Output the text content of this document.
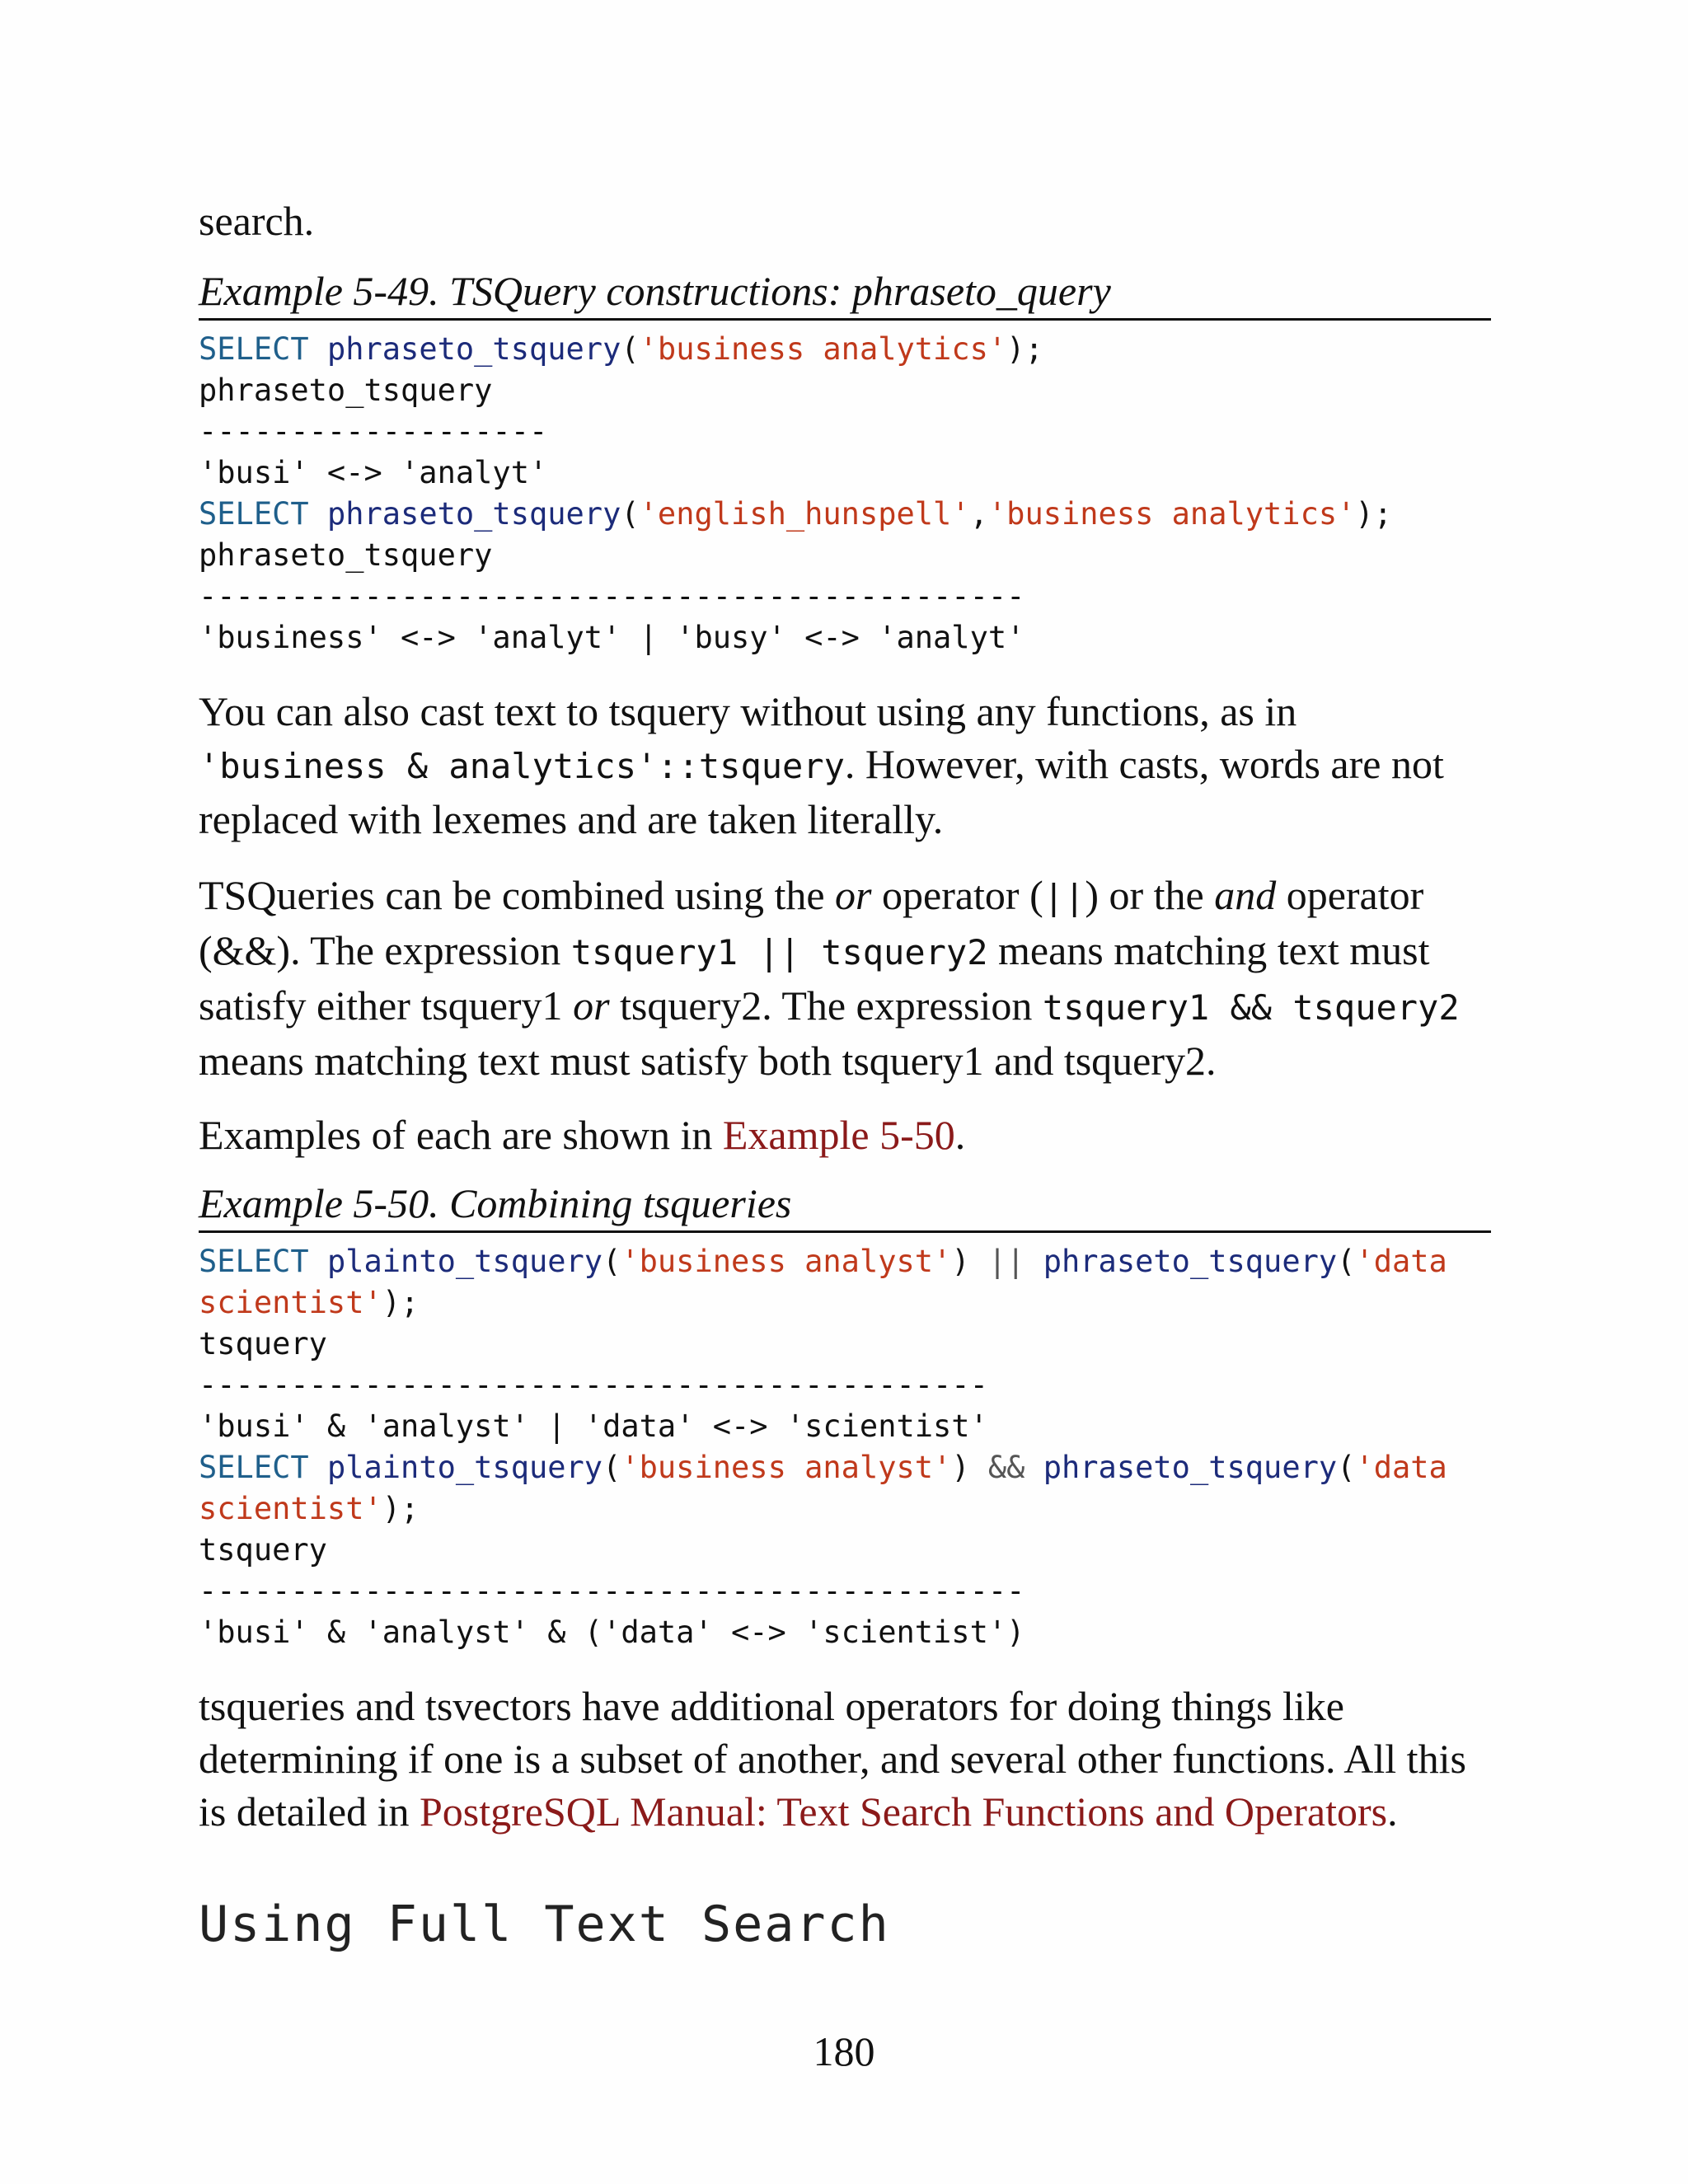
search.

Example 5-49. TSQuery constructions: phraseto_query

SELECT phraseto_tsquery('business analytics');
phraseto_tsquery
-------------------
'busi' <-> 'analyt'
SELECT phraseto_tsquery('english_hunspell','business analytics');
phraseto_tsquery
---------------------------------------------
'business' <-> 'analyt' | 'busy' <-> 'analyt'

You can also cast text to tsquery without using any functions, as in 'business & analytics'::tsquery. However, with casts, words are not replaced with lexemes and are taken literally.

TSQueries can be combined using the or operator (||) or the and operator (&&). The expression tsquery1 || tsquery2 means matching text must satisfy either tsquery1 or tsquery2. The expression tsquery1 && tsquery2 means matching text must satisfy both tsquery1 and tsquery2.

Examples of each are shown in Example 5-50.

Example 5-50. Combining tsqueries

SELECT plainto_tsquery('business analyst') || phraseto_tsquery('data
scientist');
tsquery
-------------------------------------------
'busi' & 'analyst' | 'data' <-> 'scientist'
SELECT plainto_tsquery('business analyst') && phraseto_tsquery('data
scientist');
tsquery
---------------------------------------------
'busi' & 'analyst' & ('data' <-> 'scientist')

tsqueries and tsvectors have additional operators for doing things like determining if one is a subset of another, and several other functions. All this is detailed in PostgreSQL Manual: Text Search Functions and Operators.

Using Full Text Search
180
